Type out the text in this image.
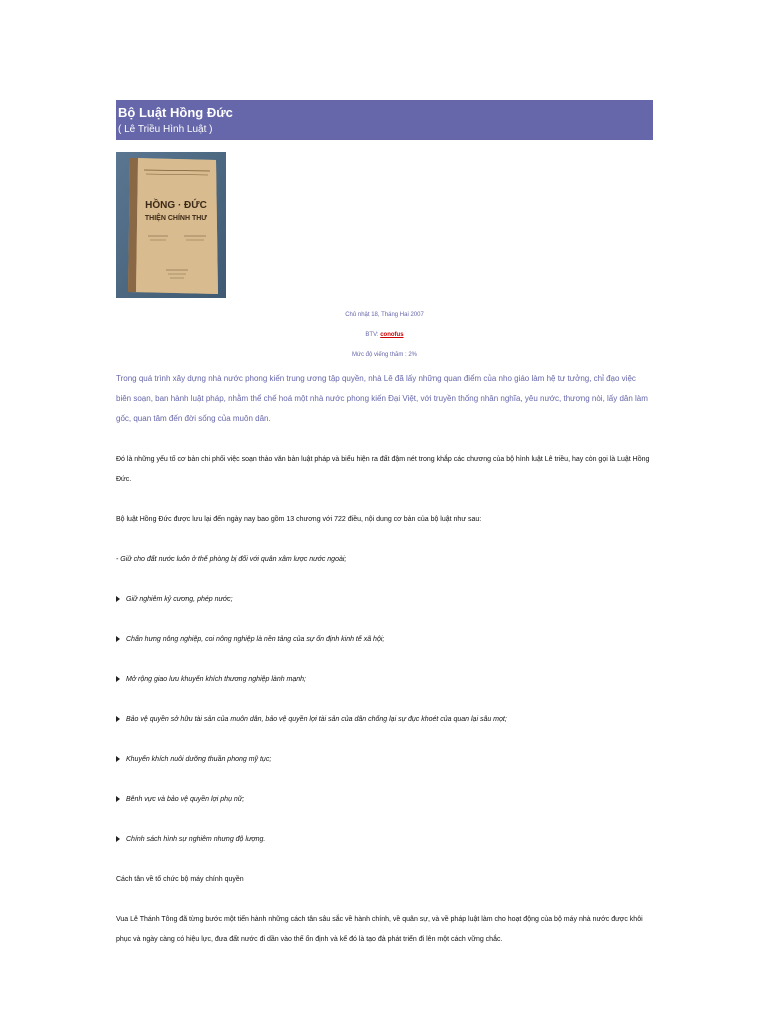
Bộ Luật Hồng Đức
( Lê Triều Hình Luật )
HỒNG · ĐỨC
THIỆN CHÍNH THƯ
Chủ nhật 18, Tháng Hai 2007
BTV: conofus
Mức độ viếng thăm : 2%
Trong quá trình xây dựng nhà nước phong kiến trung ương tập quyền, nhà Lê đã lấy những quan điểm của nho giáo làm hệ tư tưởng, chỉ đạo việc biên soạn, ban hành luật pháp, nhằm thể chế hoá một nhà nước phong kiến Đại Việt, với truyền thống nhân nghĩa, yêu nước, thương nòi, lấy dân làm gốc, quan tâm đến đời sống của muôn dân.

Đó là những yếu tố cơ bản chi phối việc soạn thảo văn bản luật pháp và biểu hiện ra đất đậm nét trong khắp các chương của bộ hình luật Lê triều, hay còn gọi là Luật Hồng Đức.

Bộ luật Hồng Đức được lưu lại đến ngày nay bao gồm 13 chương với 722 điều, nội dung cơ bản của bộ luật như sau:

- Giữ cho đất nước luôn ở thế phòng bị đối với quân xâm lược nước ngoài;
Giữ nghiêm kỷ cương, phép nước;
Chấn hưng nông nghiệp, coi nông nghiệp là nền tảng của sự ổn định kinh tế xã hội;
Mở rộng giao lưu khuyến khích thương nghiệp lành mạnh;
Bảo vệ quyền sở hữu tài sản của muôn dân, bảo vệ quyền lợi tài sản của dân chống lại sự đục khoét của quan lại sâu mọt;
Khuyến khích nuôi dưỡng thuần phong mỹ tục;
Bênh vực và bảo vệ quyền lợi phụ nữ;
Chính sách hình sự nghiêm nhưng độ lượng.

Cách tân về tổ chức bộ máy chính quyền

Vua Lê Thánh Tông đã từng bước một tiến hành những cách tân sâu sắc về hành chính, về quân sự, và về pháp luật làm cho hoạt động của bộ máy nhà nước được khôi phục và ngày càng có hiệu lực, đưa đất nước đi dần vào thế ổn định và kể đó là tạo đà phát triển đi lên một cách vững chắc.
